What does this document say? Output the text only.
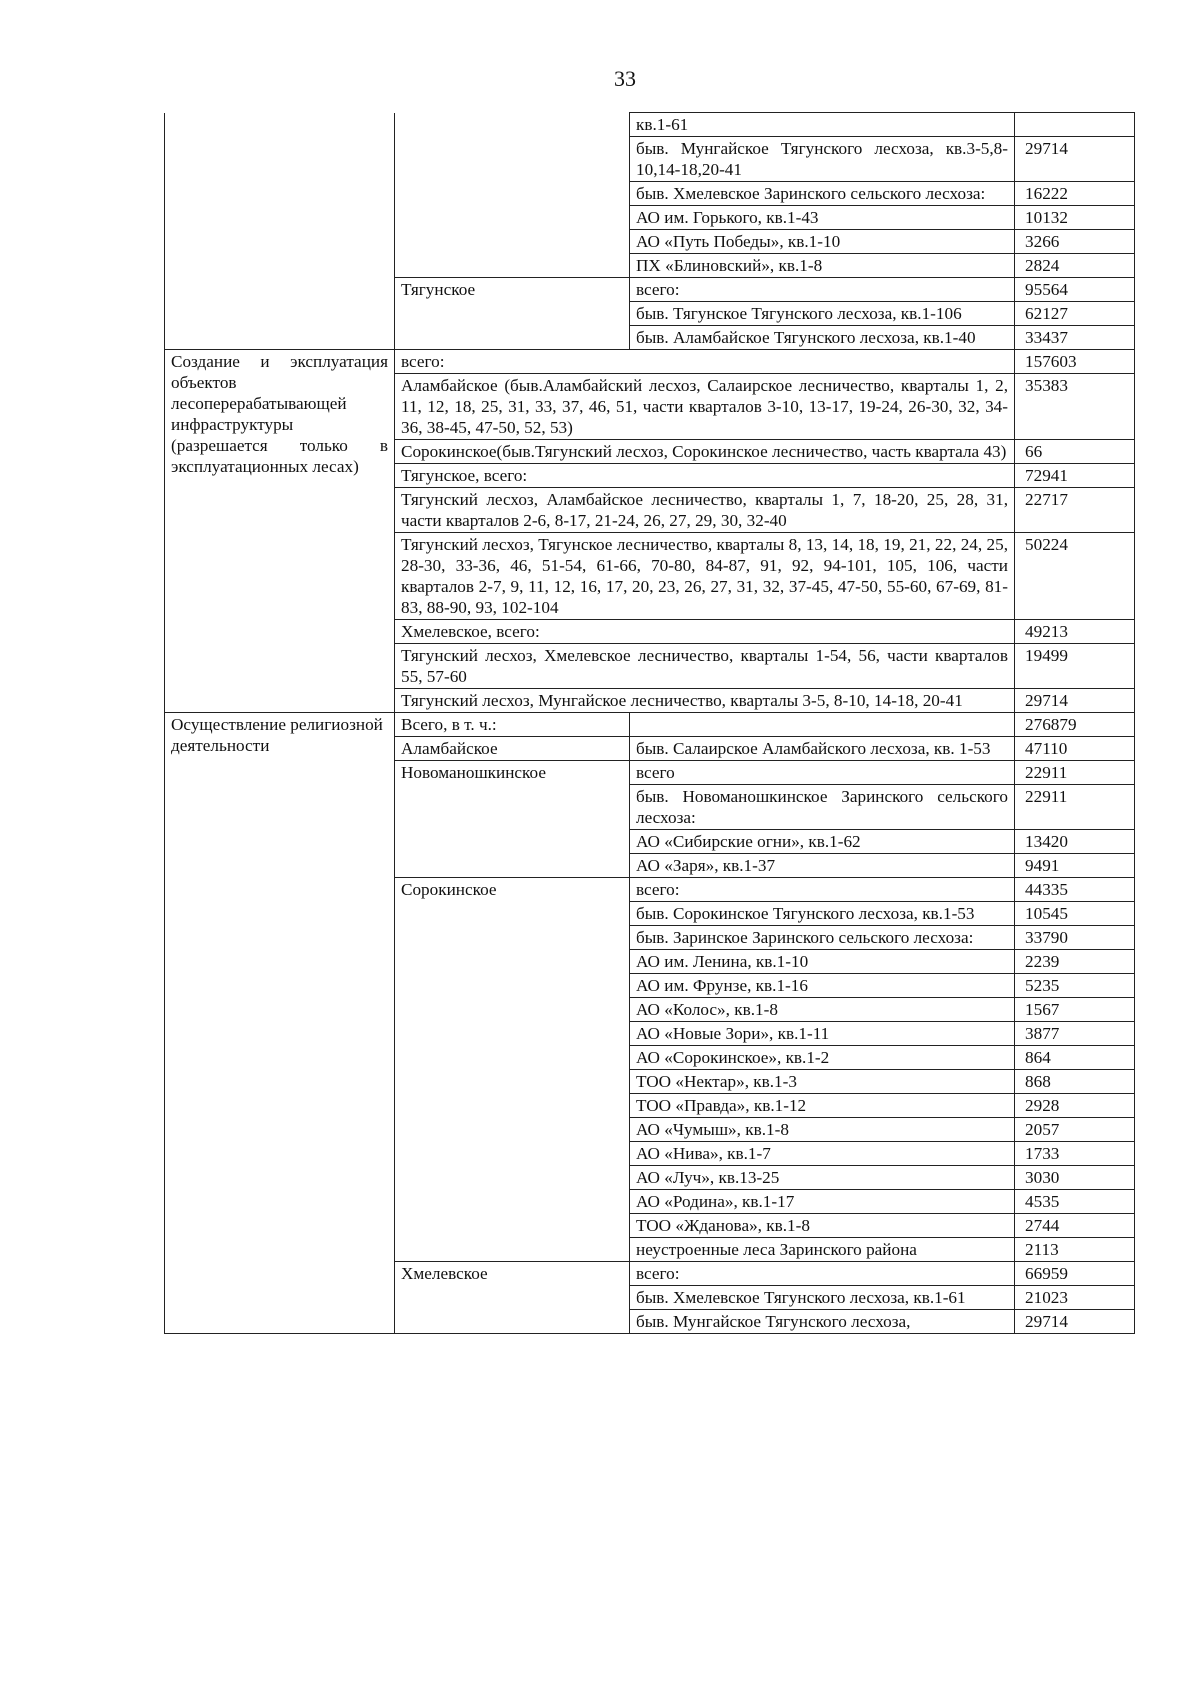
33
		кв.1-61	
		быв. Мунгайское Тягунского лесхоза, кв.3-5,8-10,14-18,20-41	29714
		быв. Хмелевское Заринского сельского лесхоза:	16222
		АО им. Горького, кв.1-43	10132
		АО «Путь Победы», кв.1-10	3266
		ПХ «Блиновский», кв.1-8	2824
	Тягунское	всего:	95564
		быв. Тягунское Тягунского лесхоза, кв.1-106	62127
		быв. Аламбайское Тягунского лесхоза, кв.1-40	33437
Создание и эксплуатация объектов лесоперерабатывающей инфраструктуры (разрешается только в эксплуатационных лесах)	всего:		157603
	Аламбайское (быв.Аламбайский лесхоз, Салаирское лесничество, кварталы 1, 2, 11, 12, 18, 25, 31, 33, 37, 46, 51, части кварталов 3-10, 13-17, 19-24, 26-30, 32, 34-36, 38-45, 47-50, 52, 53)		35383
	Сорокинское(быв.Тягунский лесхоз, Сорокинское лесничество, часть квартала 43)		66
	Тягунское, всего:		72941
	Тягунский лесхоз, Аламбайское лесничество, кварталы 1, 7, 18-20, 25, 28, 31, части кварталов 2-6, 8-17, 21-24, 26, 27, 29, 30, 32-40		22717
	Тягунский лесхоз, Тягунское лесничество, кварталы 8, 13, 14, 18, 19, 21, 22, 24, 25, 28-30, 33-36, 46, 51-54, 61-66, 70-80, 84-87, 91, 92, 94-101, 105, 106, части кварталов 2-7, 9, 11, 12, 16, 17, 20, 23, 26, 27, 31, 32, 37-45, 47-50, 55-60, 67-69, 81-83, 88-90, 93, 102-104		50224
	Хмелевское, всего:		49213
	Тягунский лесхоз, Хмелевское лесничество, кварталы 1-54, 56, части кварталов 55, 57-60		19499
	Тягунский лесхоз, Мунгайское лесничество, кварталы 3-5, 8-10, 14-18, 20-41		29714
Осуществление религиозной деятельности	Всего, в т. ч.:		276879
	Аламбайское	быв. Салаирское Аламбайского лесхоза, кв. 1-53	47110
	Новоманошкинское	всего	22911
		быв. Новоманошкинское Заринского сельского лесхоза:	22911
		АО «Сибирские огни», кв.1-62	13420
		АО «Заря», кв.1-37	9491
	Сорокинское	всего:	44335
		быв. Сорокинское Тягунского лесхоза, кв.1-53	10545
		быв. Заринское Заринского сельского лесхоза:	33790
		АО им. Ленина, кв.1-10	2239
		АО им. Фрунзе, кв.1-16	5235
		АО «Колос», кв.1-8	1567
		АО «Новые Зори», кв.1-11	3877
		АО «Сорокинское», кв.1-2	864
		ТОО «Нектар», кв.1-3	868
		ТОО «Правда», кв.1-12	2928
		АО «Чумыш», кв.1-8	2057
		АО «Нива», кв.1-7	1733
		АО «Луч», кв.13-25	3030
		АО «Родина», кв.1-17	4535
		ТОО «Жданова», кв.1-8	2744
		неустроенные леса Заринского района	2113
	Хмелевское	всего:	66959
		быв. Хмелевское Тягунского лесхоза, кв.1-61	21023
		быв. Мунгайское Тягунского лесхоза,	29714
